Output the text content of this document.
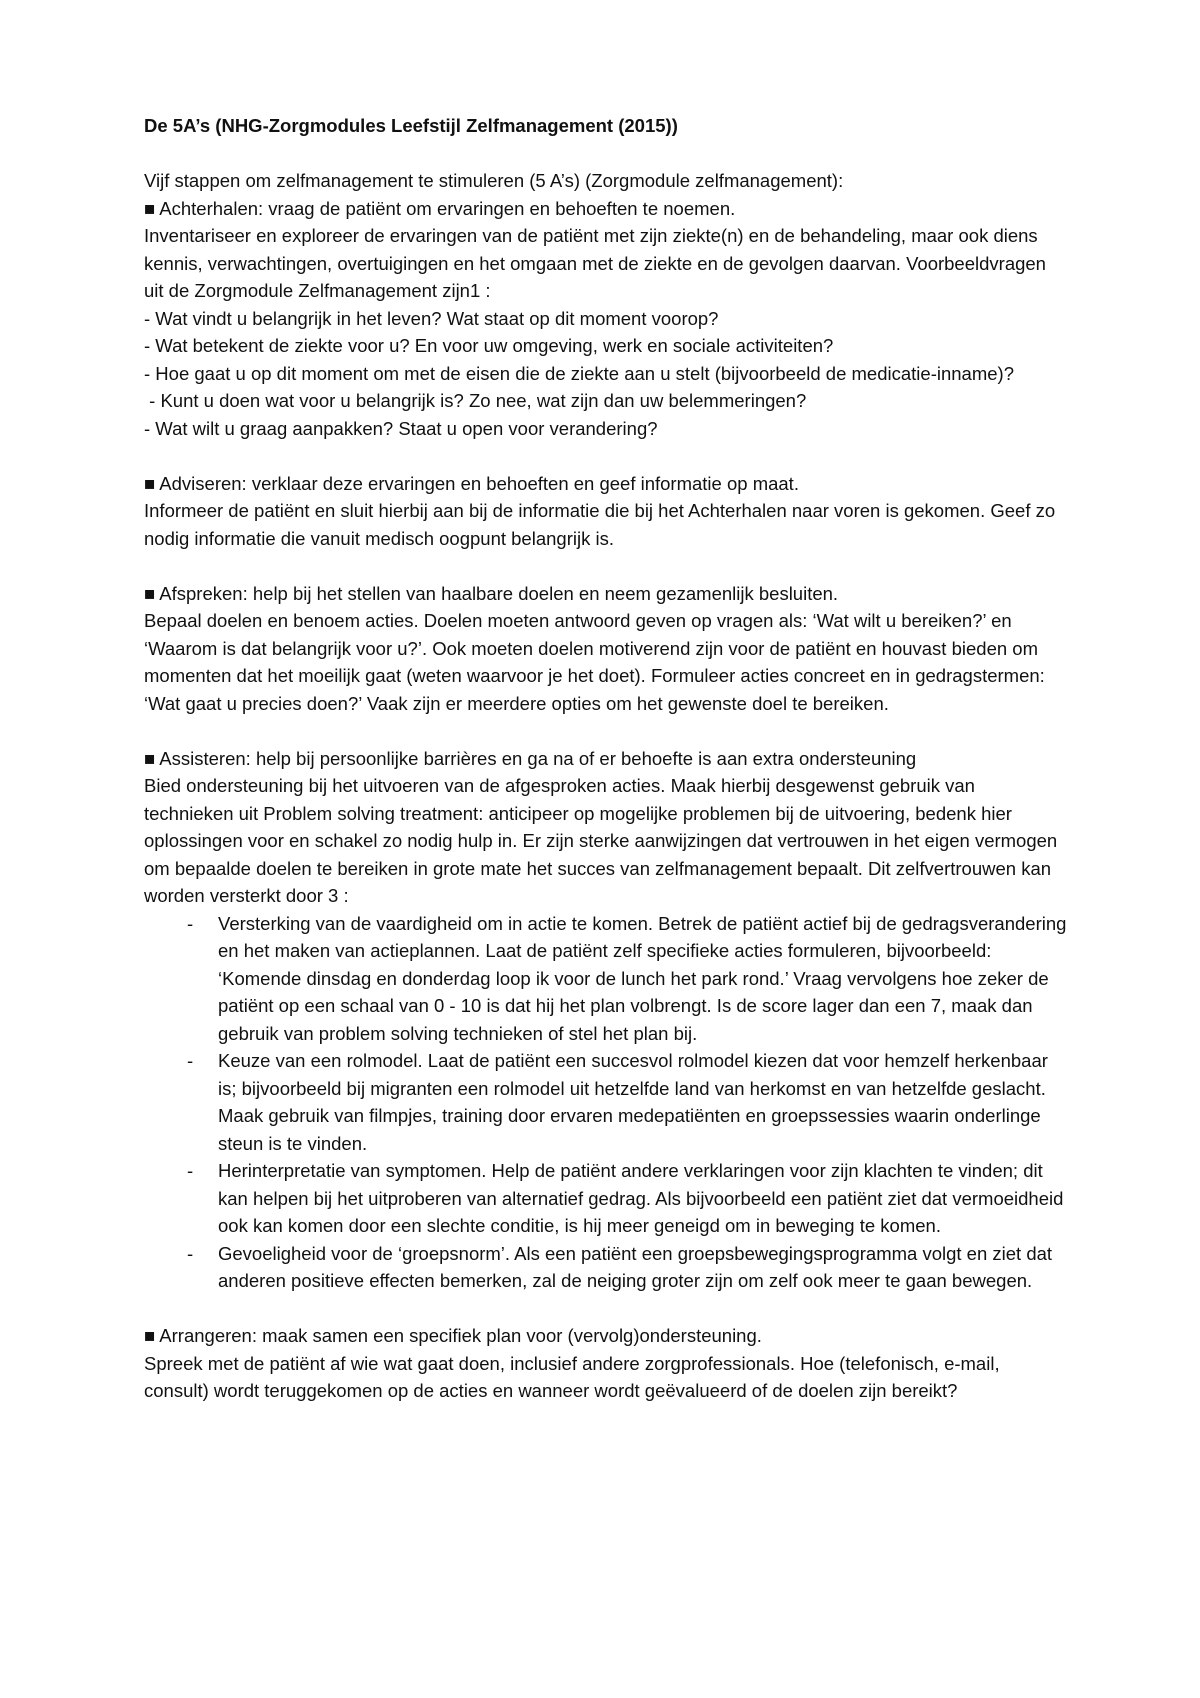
De 5A’s (NHG-Zorgmodules Leefstijl Zelfmanagement (2015))

Vijf stappen om zelfmanagement te stimuleren (5 A’s) (Zorgmodule zelfmanagement):

■ Achterhalen: vraag de patiënt om ervaringen en behoeften te noemen.

Inventariseer en exploreer de ervaringen van de patiënt met zijn ziekte(n) en de behandeling, maar ook diens kennis, verwachtingen, overtuigingen en het omgaan met de ziekte en de gevolgen daarvan. Voorbeeldvragen uit de Zorgmodule Zelfmanagement zijn1 :

- Wat vindt u belangrijk in het leven? Wat staat op dit moment voorop?

- Wat betekent de ziekte voor u? En voor uw omgeving, werk en sociale activiteiten?

- Hoe gaat u op dit moment om met de eisen die de ziekte aan u stelt (bijvoorbeeld de medicatie-inname)?

- Kunt u doen wat voor u belangrijk is? Zo nee, wat zijn dan uw belemmeringen?

- Wat wilt u graag aanpakken? Staat u open voor verandering?

■ Adviseren: verklaar deze ervaringen en behoeften en geef informatie op maat.

Informeer de patiënt en sluit hierbij aan bij de informatie die bij het Achterhalen naar voren is gekomen. Geef zo nodig informatie die vanuit medisch oogpunt belangrijk is.

■ Afspreken: help bij het stellen van haalbare doelen en neem gezamenlijk besluiten.

Bepaal doelen en benoem acties. Doelen moeten antwoord geven op vragen als: ‘Wat wilt u bereiken?’ en ‘Waarom is dat belangrijk voor u?’. Ook moeten doelen motiverend zijn voor de patiënt en houvast bieden om momenten dat het moeilijk gaat (weten waarvoor je het doet). Formuleer acties concreet en in gedragstermen: ‘Wat gaat u precies doen?’ Vaak zijn er meerdere opties om het gewenste doel te bereiken.

■ Assisteren: help bij persoonlijke barrières en ga na of er behoefte is aan extra ondersteuning

Bied ondersteuning bij het uitvoeren van de afgesproken acties. Maak hierbij desgewenst gebruik van technieken uit Problem solving treatment: anticipeer op mogelijke problemen bij de uitvoering, bedenk hier oplossingen voor en schakel zo nodig hulp in. Er zijn sterke aanwijzingen dat vertrouwen in het eigen vermogen om bepaalde doelen te bereiken in grote mate het succes van zelfmanagement bepaalt. Dit zelfvertrouwen kan worden versterkt door 3 :

- Versterking van de vaardigheid om in actie te komen. Betrek de patiënt actief bij de gedragsverandering en het maken van actieplannen. Laat de patiënt zelf specifieke acties formuleren, bijvoorbeeld: ‘Komende dinsdag en donderdag loop ik voor de lunch het park rond.’ Vraag vervolgens hoe zeker de patiënt op een schaal van 0 - 10 is dat hij het plan volbrengt. Is de score lager dan een 7, maak dan gebruik van problem solving technieken of stel het plan bij.
- Keuze van een rolmodel. Laat de patiënt een succesvol rolmodel kiezen dat voor hemzelf herkenbaar is; bijvoorbeeld bij migranten een rolmodel uit hetzelfde land van herkomst en van hetzelfde geslacht. Maak gebruik van filmpjes, training door ervaren medepatiënten en groepssessies waarin onderlinge steun is te vinden.
- Herinterpretatie van symptomen. Help de patiënt andere verklaringen voor zijn klachten te vinden; dit kan helpen bij het uitproberen van alternatief gedrag. Als bijvoorbeeld een patiënt ziet dat vermoeidheid ook kan komen door een slechte conditie, is hij meer geneigd om in beweging te komen.
- Gevoeligheid voor de ‘groepsnorm’. Als een patiënt een groepsbewegingsprogramma volgt en ziet dat anderen positieve effecten bemerken, zal de neiging groter zijn om zelf ook meer te gaan bewegen.

■ Arrangeren: maak samen een specifiek plan voor (vervolg)ondersteuning.

Spreek met de patiënt af wie wat gaat doen, inclusief andere zorgprofessionals. Hoe (telefonisch, e-mail, consult) wordt teruggekomen op de acties en wanneer wordt geëvalueerd of de doelen zijn bereikt?
